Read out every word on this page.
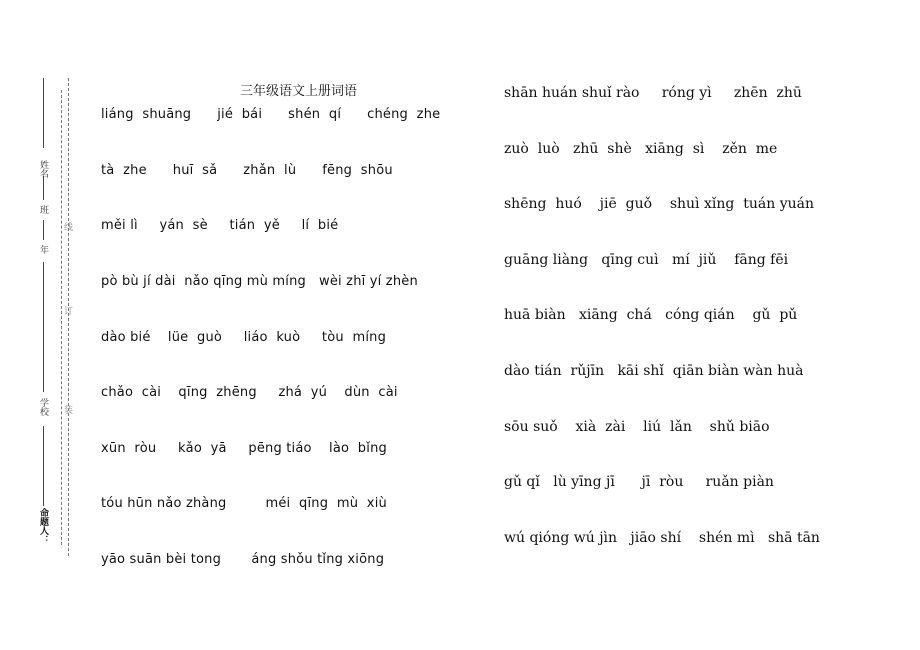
姓名
班
年
学校
命题人：
线
订
装
三年级语文上册词语
liáng  shuāng      jié  bái      shén  qí      chéng  zhe
tà  zhe      huī  sǎ      zhǎn  lù      fēng  shōu
měi lì     yán  sè     tián  yě     lí  bié
pò bù jí dài  nǎo qīng mù míng   wèi zhī yí zhèn
dào bié    lüe  guò     liáo  kuò     tòu  míng
chǎo  cài    qīng  zhēng     zhá  yú    dùn  cài
xūn  ròu     kǎo  yā     pēng tiáo    lào  bǐng
tóu hūn nǎo zhàng         méi  qīng  mù  xiù
yāo suān bèi tong       áng shǒu tǐng xiōng
shān huán shuǐ rào     róng yì     zhēn  zhū
zuò  luò   zhū  shè   xiāng  sì    zěn  me
shēng  huó    jiē  guǒ    shuì xǐng  tuán yuán
guāng liàng   qīng cuì   mí  jiǔ    fāng fēi
huā biàn   xiāng  chá   cóng qián    gǔ  pǔ
dào tián  rǔjīn   kāi shǐ  qiān biàn wàn huà
sōu suǒ    xià  zài    liú  lǎn    shǔ biāo
gǔ qǐ   lù yīng jī      jī  ròu     ruǎn piàn
wú qióng wú jìn   jiāo shí    shén mì   shā tān
